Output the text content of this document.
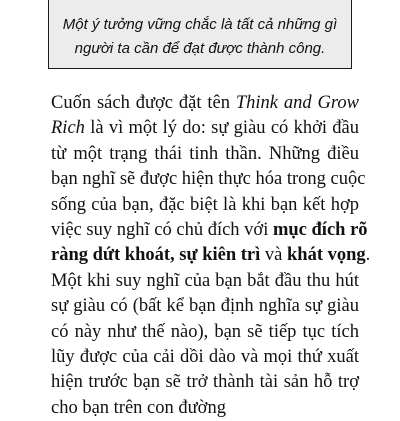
Một ý tưởng vững chắc là tất cả những gì
người ta cần để đạt được thành công.
Cuốn sách được đặt tên Think and Grow
Rich là vì một lý do: sự giàu có khởi đầu
từ một trạng thái tinh thần. Những điều
bạn nghĩ sẽ được hiện thực hóa trong cuộc
sống của bạn, đặc biệt là khi bạn kết hợp
việc suy nghĩ có chủ đích với mục đích rõ
ràng dứt khoát, sự kiên trì và khát vọng.
Một khi suy nghĩ của bạn bắt đầu thu hút
sự giàu có (bất kể bạn định nghĩa sự giàu
có này như thế nào), bạn sẽ tiếp tục tích
lũy được của cải dồi dào và mọi thứ xuất
hiện trước bạn sẽ trở thành tài sản hỗ trợ
cho bạn trên con đường
